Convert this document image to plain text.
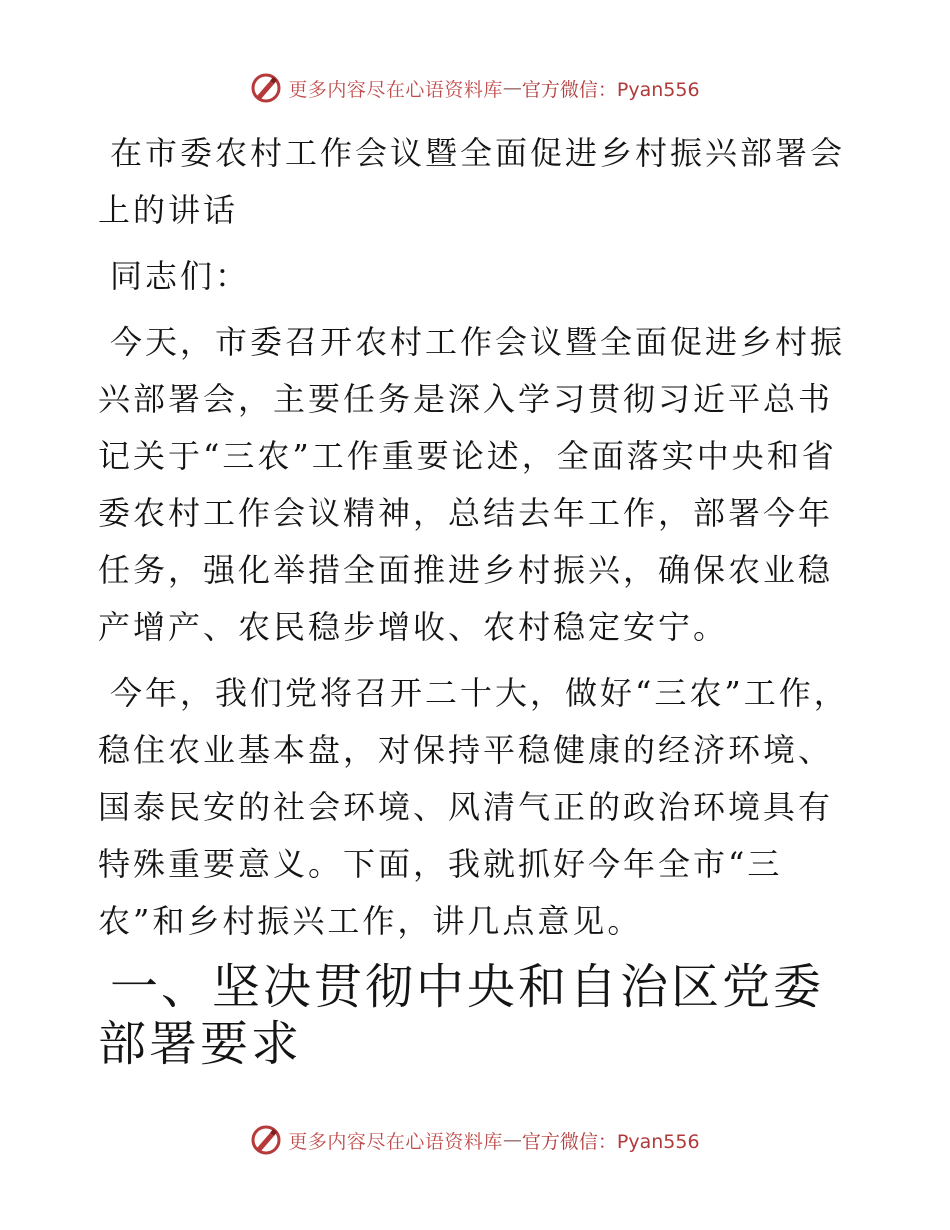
更多内容尽在心语资料库 — 官方微信：Pyan556
在市委农村工作会议暨全面促进乡村振兴部署会上的讲话

同志们：

今天，市委召开农村工作会议暨全面促进乡村振兴部署会，主要任务是深入学习贯彻习近平总书记关于“三农”工作重要论述，全面落实中央和省委农村工作会议精神，总结去年工作，部署今年任务，强化举措全面推进乡村振兴，确保农业稳产增产、农民稳步增收、农村稳定安宁。

今年，我们党将召开二十大，做好“三农”工作，稳住农业基本盘，对保持平稳健康的经济环境、国泰民安的社会环境、风清气正的政治环境具有特殊重要意义。下面，我就抓好今年全市“三农”和乡村振兴工作，讲几点意见。

一、坚决贯彻中央和自治区党委部署要求
更多内容尽在心语资料库 — 官方微信：Pyan556
